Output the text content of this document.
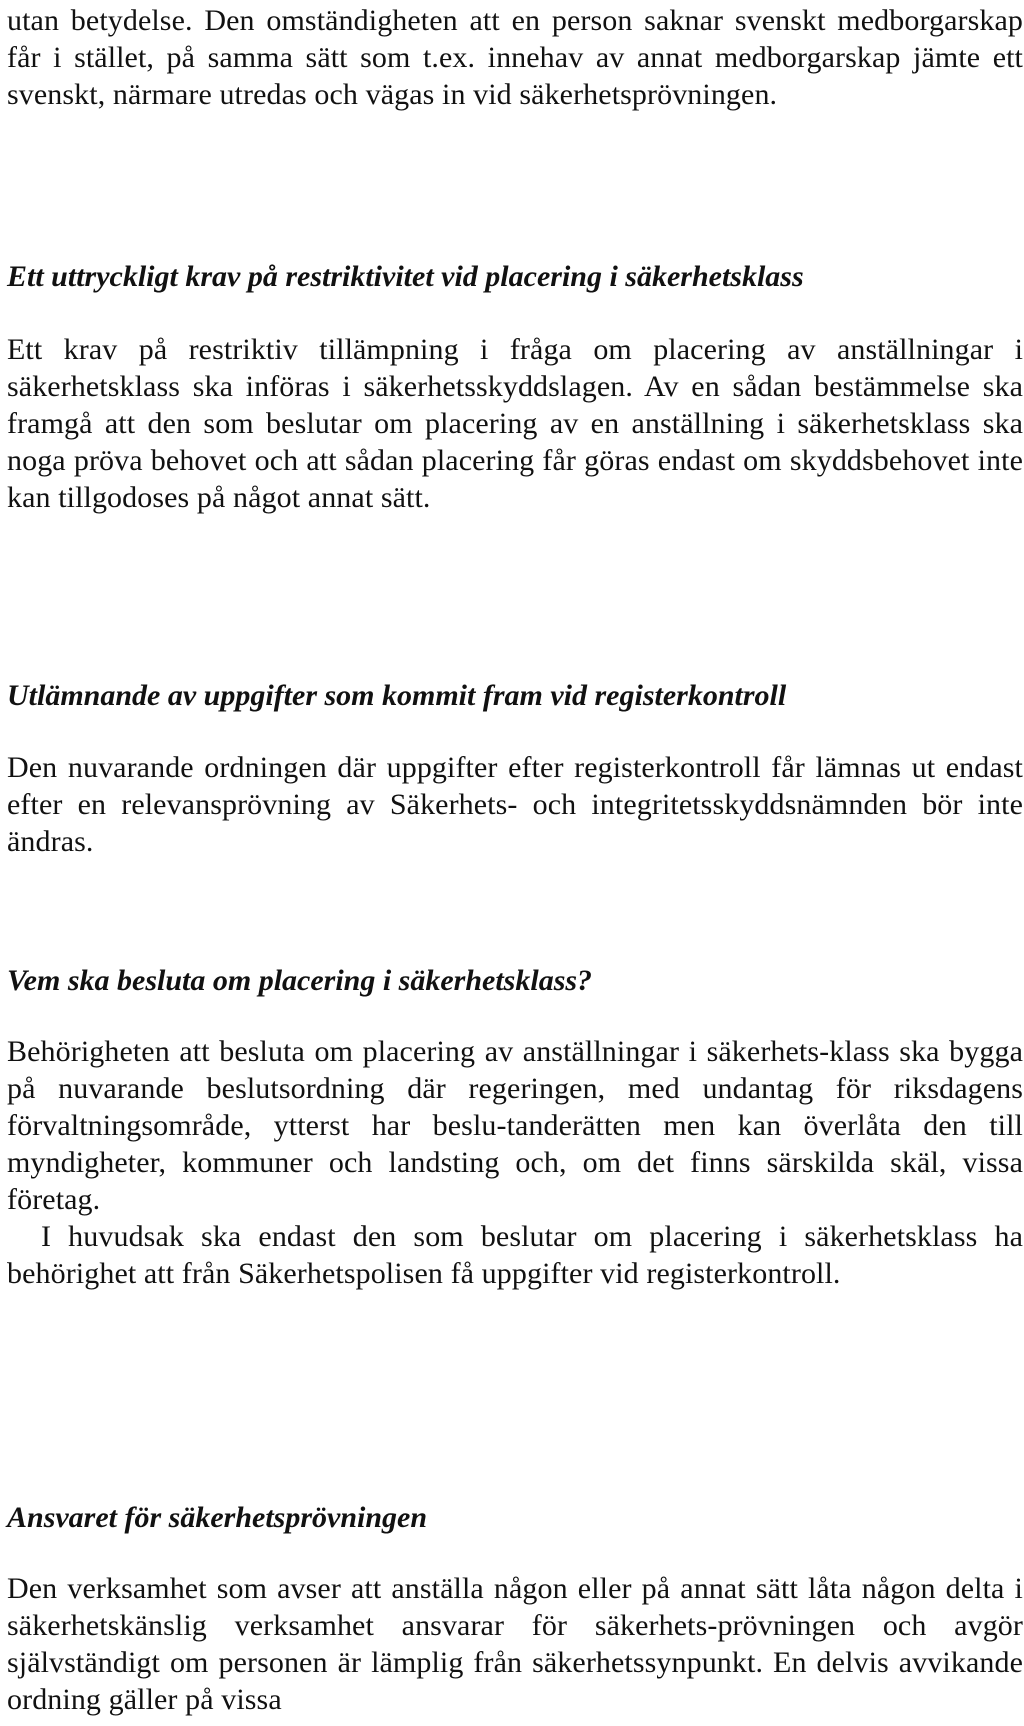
utan betydelse. Den omständigheten att en person saknar svenskt medborgarskap får i stället, på samma sätt som t.ex. innehav av annat medborgarskap jämte ett svenskt, närmare utredas och vägas in vid säkerhetsprövningen.

Ett uttryckligt krav på restriktivitet vid placering i säkerhetsklass

Ett krav på restriktiv tillämpning i fråga om placering av anställningar i säkerhetsklass ska införas i säkerhetsskyddslagen. Av en sådan bestämmelse ska framgå att den som beslutar om placering av en anställning i säkerhetsklass ska noga pröva behovet och att sådan placering får göras endast om skyddsbehovet inte kan tillgodoses på något annat sätt.

Utlämnande av uppgifter som kommit fram vid registerkontroll

Den nuvarande ordningen där uppgifter efter registerkontroll får lämnas ut endast efter en relevansprövning av Säkerhets- och integritetsskyddsnämnden bör inte ändras.

Vem ska besluta om placering i säkerhetsklass?

Behörigheten att besluta om placering av anställningar i säkerhets-klass ska bygga på nuvarande beslutsordning där regeringen, med undantag för riksdagens förvaltningsområde, ytterst har beslu-tanderätten men kan överlåta den till myndigheter, kommuner och landsting och, om det finns särskilda skäl, vissa företag.

I huvudsak ska endast den som beslutar om placering i säkerhetsklass ha behörighet att från Säkerhetspolisen få uppgifter vid registerkontroll.

Ansvaret för säkerhetsprövningen

Den verksamhet som avser att anställa någon eller på annat sätt låta någon delta i säkerhetskänslig verksamhet ansvarar för säkerhets-prövningen och avgör självständigt om personen är lämplig från säkerhetssynpunkt. En delvis avvikande ordning gäller på vissa
